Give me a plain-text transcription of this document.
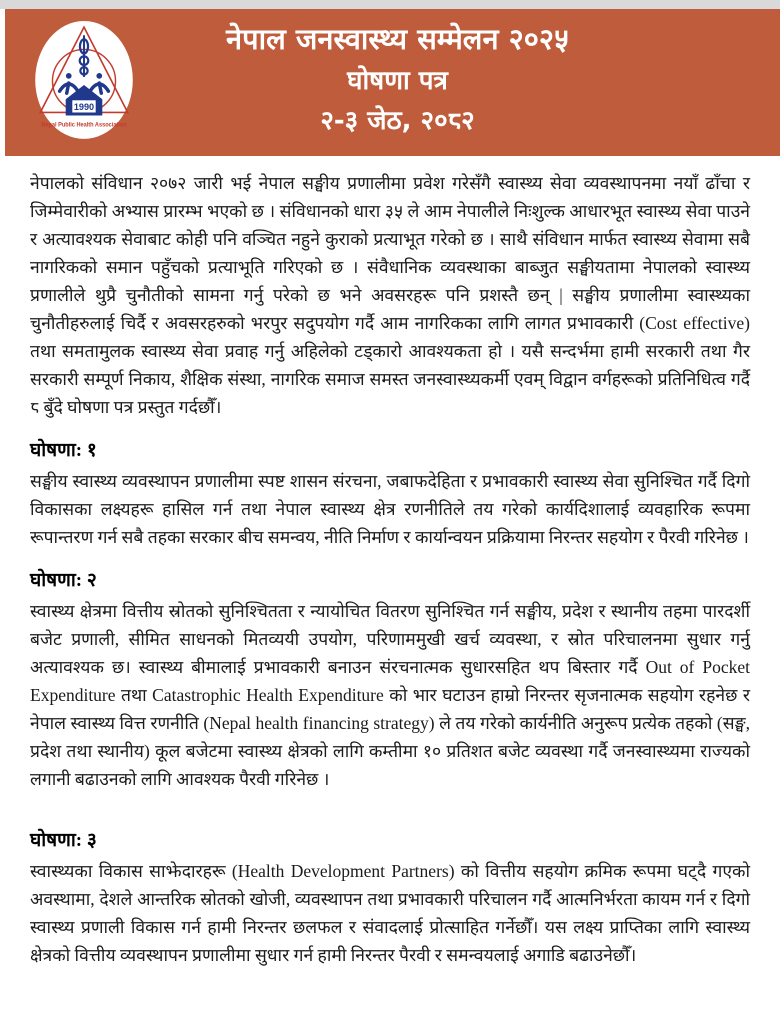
1990
Nepal Public Health Association
नेपाल जनस्वास्थ्य सम्मेलन २०२५
घोषणा पत्र
२-३ जेठ, २०८२

नेपालको संविधान २०७२ जारी भई नेपाल सङ्घीय प्रणालीमा प्रवेश गरेसँगै स्वास्थ्य सेवा व्यवस्थापनमा नयाँ ढाँचा र जिम्मेवारीको अभ्यास प्रारम्भ भएको छ । संविधानको धारा ३५ ले आम नेपालीले निःशुल्क आधारभूत स्वास्थ्य सेवा पाउने र अत्यावश्यक सेवाबाट कोही पनि वञ्चित नहुने कुराको प्रत्याभूत गरेको छ । साथै संविधान मार्फत स्वास्थ्य सेवामा सबै नागरिकको समान पहुँचको प्रत्याभूति गरिएको छ । संवैधानिक व्यवस्थाका बाब्जुत सङ्घीयतामा नेपालको स्वास्थ्य प्रणालीले थुप्रै चुनौतीको सामना गर्नु परेको छ भने अवसरहरू पनि प्रशस्तै छन् | सङ्घीय प्रणालीमा स्वास्थ्यका चुनौतीहरुलाई चिर्दै र अवसरहरुको भरपुर सदुपयोग गर्दै आम नागरिकका लागि लागत प्रभावकारी (Cost effective) तथा समतामुलक स्वास्थ्य सेवा प्रवाह गर्नु अहिलेको टड्कारो आवश्यकता हो । यसै सन्दर्भमा हामी सरकारी तथा गैर सरकारी सम्पूर्ण निकाय, शैक्षिक संस्था, नागरिक समाज समस्त जनस्वास्थ्यकर्मी एवम् विद्वान वर्गहरूको प्रतिनिधित्व गर्दै ८ बुँदे घोषणा पत्र प्रस्तुत गर्दछौँ।

घोषणा: १

सङ्घीय स्वास्थ्य व्यवस्थापन प्रणालीमा स्पष्ट शासन संरचना, जबाफदेहिता र प्रभावकारी स्वास्थ्य सेवा सुनिश्चित गर्दै दिगो विकासका लक्ष्यहरू हासिल गर्न तथा नेपाल स्वास्थ्य क्षेत्र रणनीतिले तय गरेको कार्यदिशालाई व्यवहारिक रूपमा रूपान्तरण गर्न सबै तहका सरकार बीच समन्वय, नीति निर्माण र कार्यान्वयन प्रक्रियामा निरन्तर सहयोग र पैरवी गरिनेछ ।

घोषणा: २

स्वास्थ्य क्षेत्रमा वित्तीय स्रोतको सुनिश्चितता र न्यायोचित वितरण सुनिश्चित गर्न सङ्घीय, प्रदेश र स्थानीय तहमा पारदर्शी बजेट प्रणाली, सीमित साधनको मितव्ययी उपयोग, परिणाममुखी खर्च व्यवस्था, र स्रोत परिचालनमा सुधार गर्नु अत्यावश्यक छ। स्वास्थ्य बीमालाई प्रभावकारी बनाउन संरचनात्मक सुधारसहित थप बिस्तार गर्दै Out of Pocket Expenditure तथा Catastrophic Health Expenditure को भार घटाउन हाम्रो निरन्तर सृजनात्मक सहयोग रहनेछ र नेपाल स्वास्थ्य वित्त रणनीति (Nepal health financing strategy) ले तय गरेको कार्यनीति अनुरूप प्रत्येक तहको (सङ्घ, प्रदेश तथा स्थानीय) कूल बजेटमा स्वास्थ्य क्षेत्रको लागि कम्तीमा १० प्रतिशत बजेट व्यवस्था गर्दै जनस्वास्थ्यमा राज्यको लगानी बढाउनको लागि आवश्यक पैरवी गरिनेछ ।

घोषणा: ३

स्वास्थ्यका विकास साझेदारहरू (Health Development Partners) को वित्तीय सहयोग क्रमिक रूपमा घट्दै गएको अवस्थामा, देशले आन्तरिक स्रोतको खोजी, व्यवस्थापन तथा प्रभावकारी परिचालन गर्दै आत्मनिर्भरता कायम गर्न र दिगो स्वास्थ्य प्रणाली विकास गर्न हामी निरन्तर छलफल र संवादलाई प्रोत्साहित गर्नेछौँ। यस लक्ष्य प्राप्तिका लागि स्वास्थ्य क्षेत्रको वित्तीय व्यवस्थापन प्रणालीमा सुधार गर्न हामी निरन्तर पैरवी र समन्वयलाई अगाडि बढाउनेछौँ।
